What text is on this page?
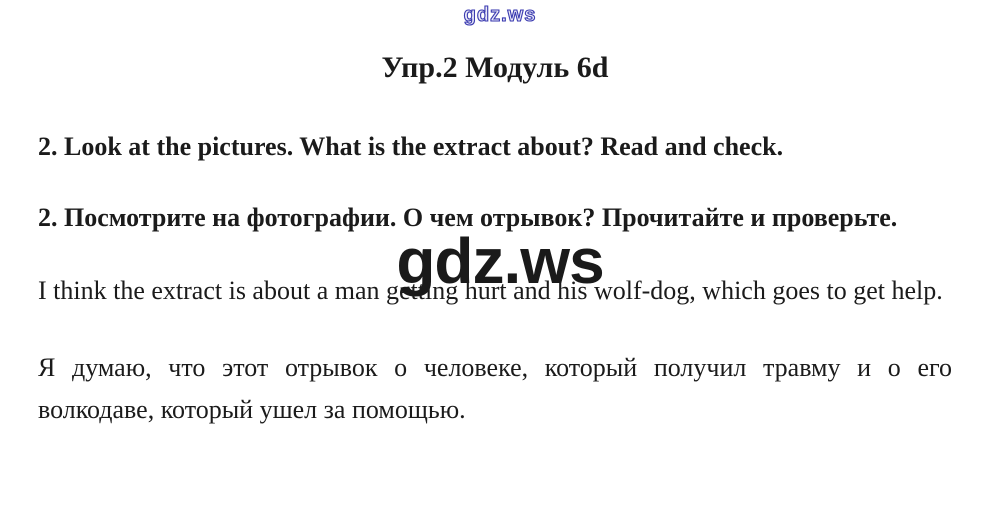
gdz.ws
gdz.ws
Упр.2 Модуль 6d

2. Look at the pictures. What is the extract about? Read and check.

2. Посмотрите на фотографии. О чем отрывок? Прочитайте и проверьте.

I think the extract is about a man getting hurt and his wolf-dog, which goes to get help.

Я думаю, что этот отрывок о человеке, который получил травму и о его волкодаве, который ушел за помощью.
